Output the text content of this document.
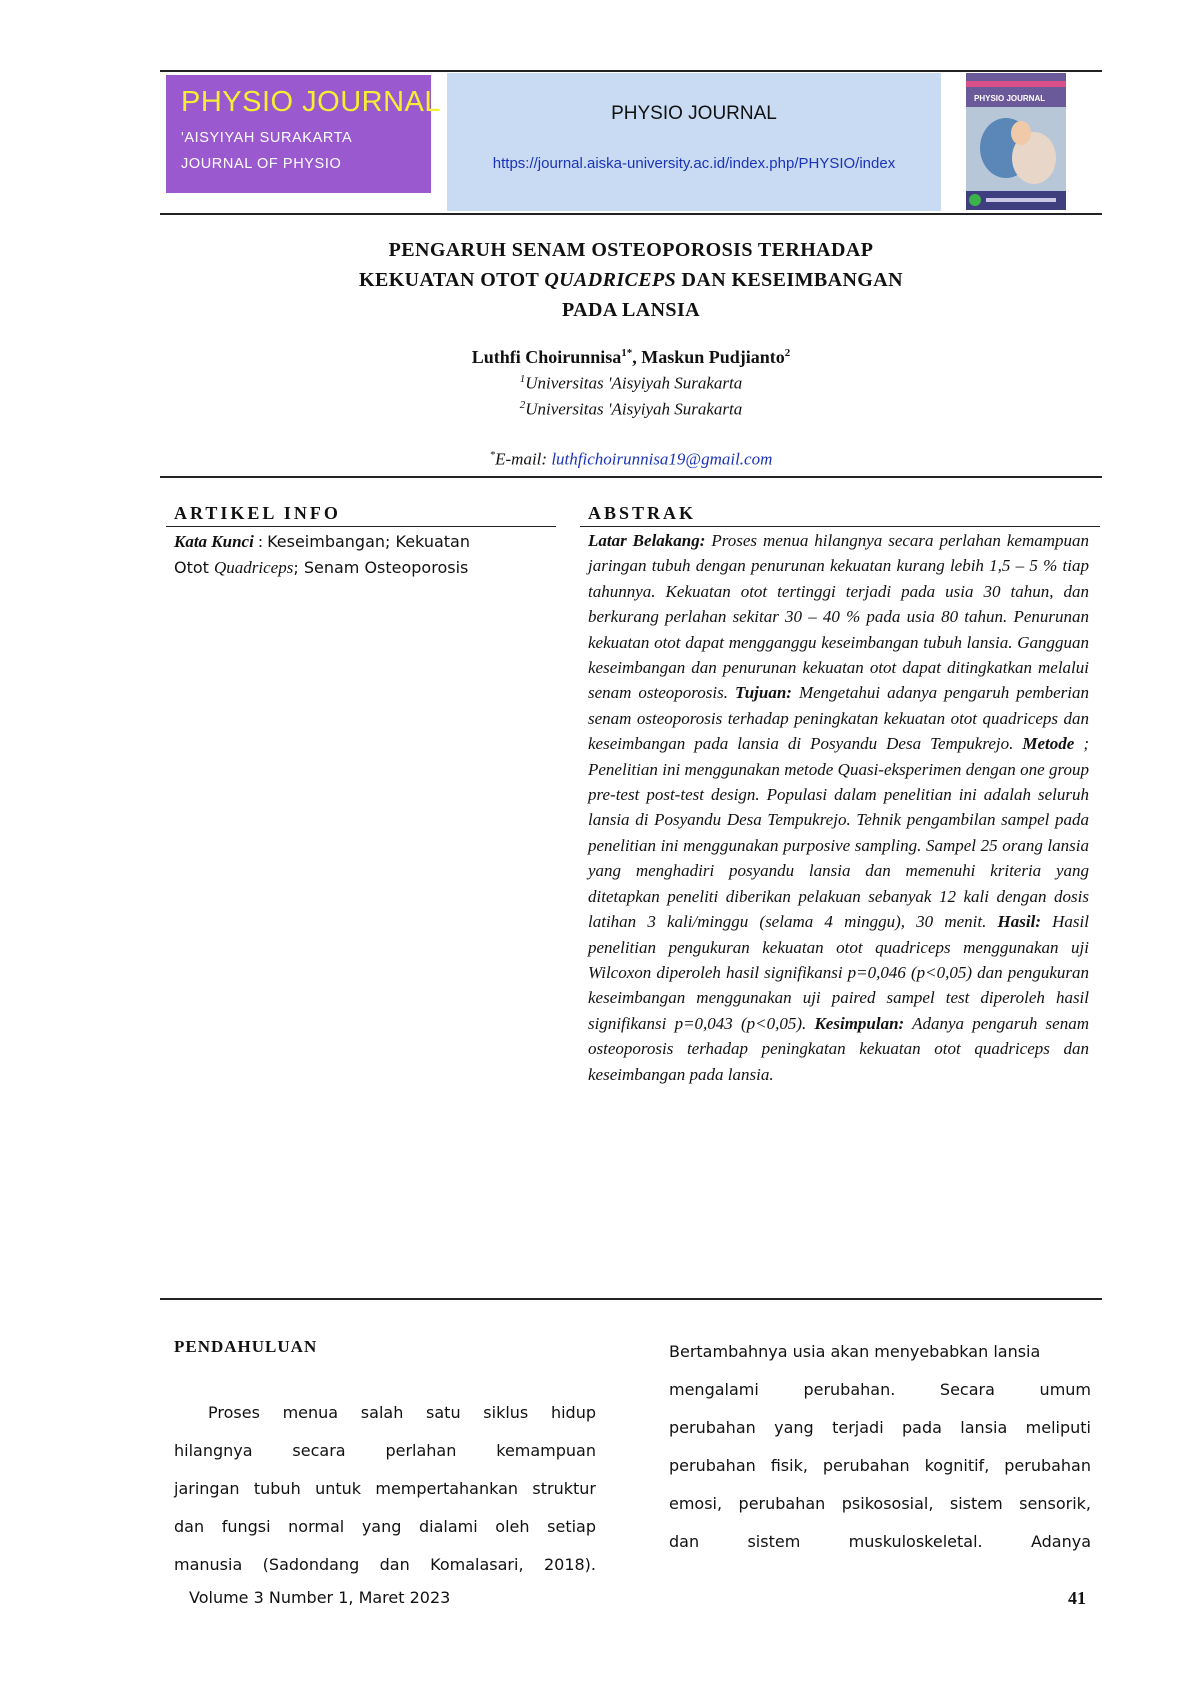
PHYSIO JOURNAL
'AISYIYAH SURAKARTA
JOURNAL OF PHYSIO
PHYSIO JOURNAL
https://journal.aiska-university.ac.id/index.php/PHYSIO/index
PHYSIO JOURNAL
PENGARUH SENAM OSTEOPOROSIS TERHADAP
KEKUATAN OTOT QUADRICEPS DAN KESEIMBANGAN
PADA LANSIA
Luthfi Choirunnisa$^{1*}$, Maskun Pudjianto$^2$
$^1$Universitas 'Aisyiyah Surakarta
$^2$Universitas 'Aisyiyah Surakarta
*E-mail: luthfichoirunnisa19@gmail.com
ARTIKEL INFO	ABSTRAK
Kata Kunci : Keseimbangan; Kekuatan
Otot Quadriceps; Senam Osteoporosis
Latar Belakang: Proses menua hilangnya secara perlahan kemampuan jaringan tubuh dengan penurunan kekuatan kurang lebih 1,5 – 5 % tiap tahunnya. Kekuatan otot tertinggi terjadi pada usia 30 tahun, dan berkurang perlahan sekitar 30 – 40 % pada usia 80 tahun. Penurunan kekuatan otot dapat mengganggu keseimbangan tubuh lansia. Gangguan keseimbangan dan penurunan kekuatan otot dapat ditingkatkan melalui senam osteoporosis. Tujuan: Mengetahui adanya pengaruh pemberian senam osteoporosis terhadap peningkatan kekuatan otot quadriceps dan keseimbangan pada lansia di Posyandu Desa Tempukrejo. Metode ; Penelitian ini menggunakan metode Quasi-eksperimen dengan one group pre-test post-test design. Populasi dalam penelitian ini adalah seluruh lansia di Posyandu Desa Tempukrejo. Tehnik pengambilan sampel pada penelitian ini menggunakan purposive sampling. Sampel 25 orang lansia yang menghadiri posyandu lansia dan memenuhi kriteria yang ditetapkan peneliti diberikan pelakuan sebanyak 12 kali dengan dosis latihan 3 kali/minggu (selama 4 minggu), 30 menit. Hasil: Hasil penelitian pengukuran kekuatan otot quadriceps menggunakan uji Wilcoxon diperoleh hasil signifikansi p=0,046 (p<0,05) dan pengukuran keseimbangan menggunakan uji paired sampel test diperoleh hasil signifikansi p=0,043 (p<0,05). Kesimpulan: Adanya pengaruh senam osteoporosis terhadap peningkatan kekuatan otot quadriceps dan keseimbangan pada lansia.
PENDAHULUAN
Proses menua salah satu siklus hidup
hilangnya secara perlahan kemampuan
jaringan tubuh untuk mempertahankan struktur
dan fungsi normal yang dialami oleh setiap
manusia (Sadondang dan Komalasari, 2018).
Bertambahnya usia akan menyebabkan lansia
mengalami perubahan. Secara umum
perubahan yang terjadi pada lansia meliputi
perubahan fisik, perubahan kognitif, perubahan
emosi, perubahan psikososial, sistem sensorik,
dan sistem muskuloskeletal. Adanya
Volume 3 Number 1, Maret 2023	41
